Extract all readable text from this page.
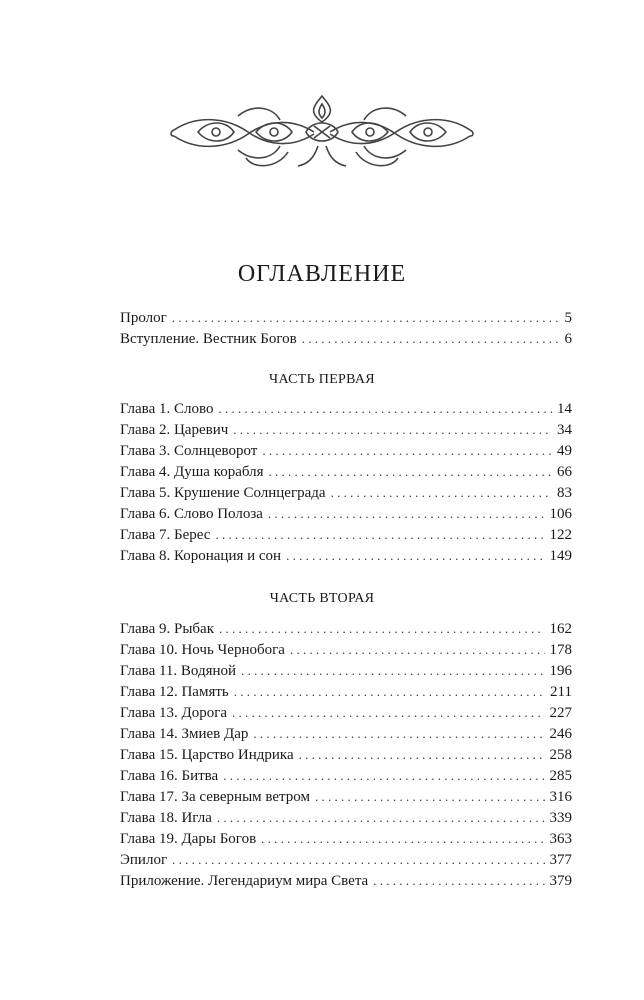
ОГЛАВЛЕНИЕ
Пролог . . .	5
Вступление. Вестник Богов . . .	6
ЧАСТЬ ПЕРВАЯ
Глава 1. Слово . . .	14
Глава 2. Царевич . . .	34
Глава 3. Солнцеворот . . .	49
Глава 4. Душа корабля . . .	66
Глава 5. Крушение Солнцеграда . . .	83
Глава 6. Слово Полоза . . .	106
Глава 7. Берес . . .	122
Глава 8. Коронация и сон . . .	149
ЧАСТЬ ВТОРАЯ
Глава 9. Рыбак . . .	162
Глава 10. Ночь Чернобога . . .	178
Глава 11. Водяной . . .	196
Глава 12. Память . . .	211
Глава 13. Дорога . . .	227
Глава 14. Змиев Дар . . .	246
Глава 15. Царство Индрика . . .	258
Глава 16. Битва . . .	285
Глава 17. За северным ветром . . .	316
Глава 18. Игла . . .	339
Глава 19. Дары Богов . . .	363
Эпилог . . .	377
Приложение. Легендариум мира Света . . .	379
